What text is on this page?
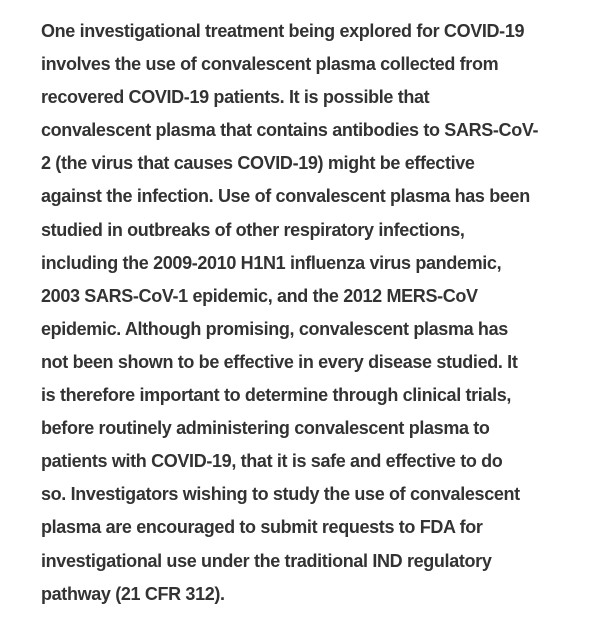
One investigational treatment being explored for COVID-19
involves the use of convalescent plasma collected from
recovered COVID-19 patients. It is possible that
convalescent plasma that contains antibodies to SARS-CoV-
2 (the virus that causes COVID-19) might be effective
against the infection. Use of convalescent plasma has been
studied in outbreaks of other respiratory infections,
including the 2009-2010 H1N1 influenza virus pandemic,
2003 SARS-CoV-1 epidemic, and the 2012 MERS-CoV
epidemic. Although promising, convalescent plasma has
not been shown to be effective in every disease studied. It
is therefore important to determine through clinical trials,
before routinely administering convalescent plasma to
patients with COVID-19, that it is safe and effective to do
so. Investigators wishing to study the use of convalescent
plasma are encouraged to submit requests to FDA for
investigational use under the traditional IND regulatory
pathway (21 CFR 312).
